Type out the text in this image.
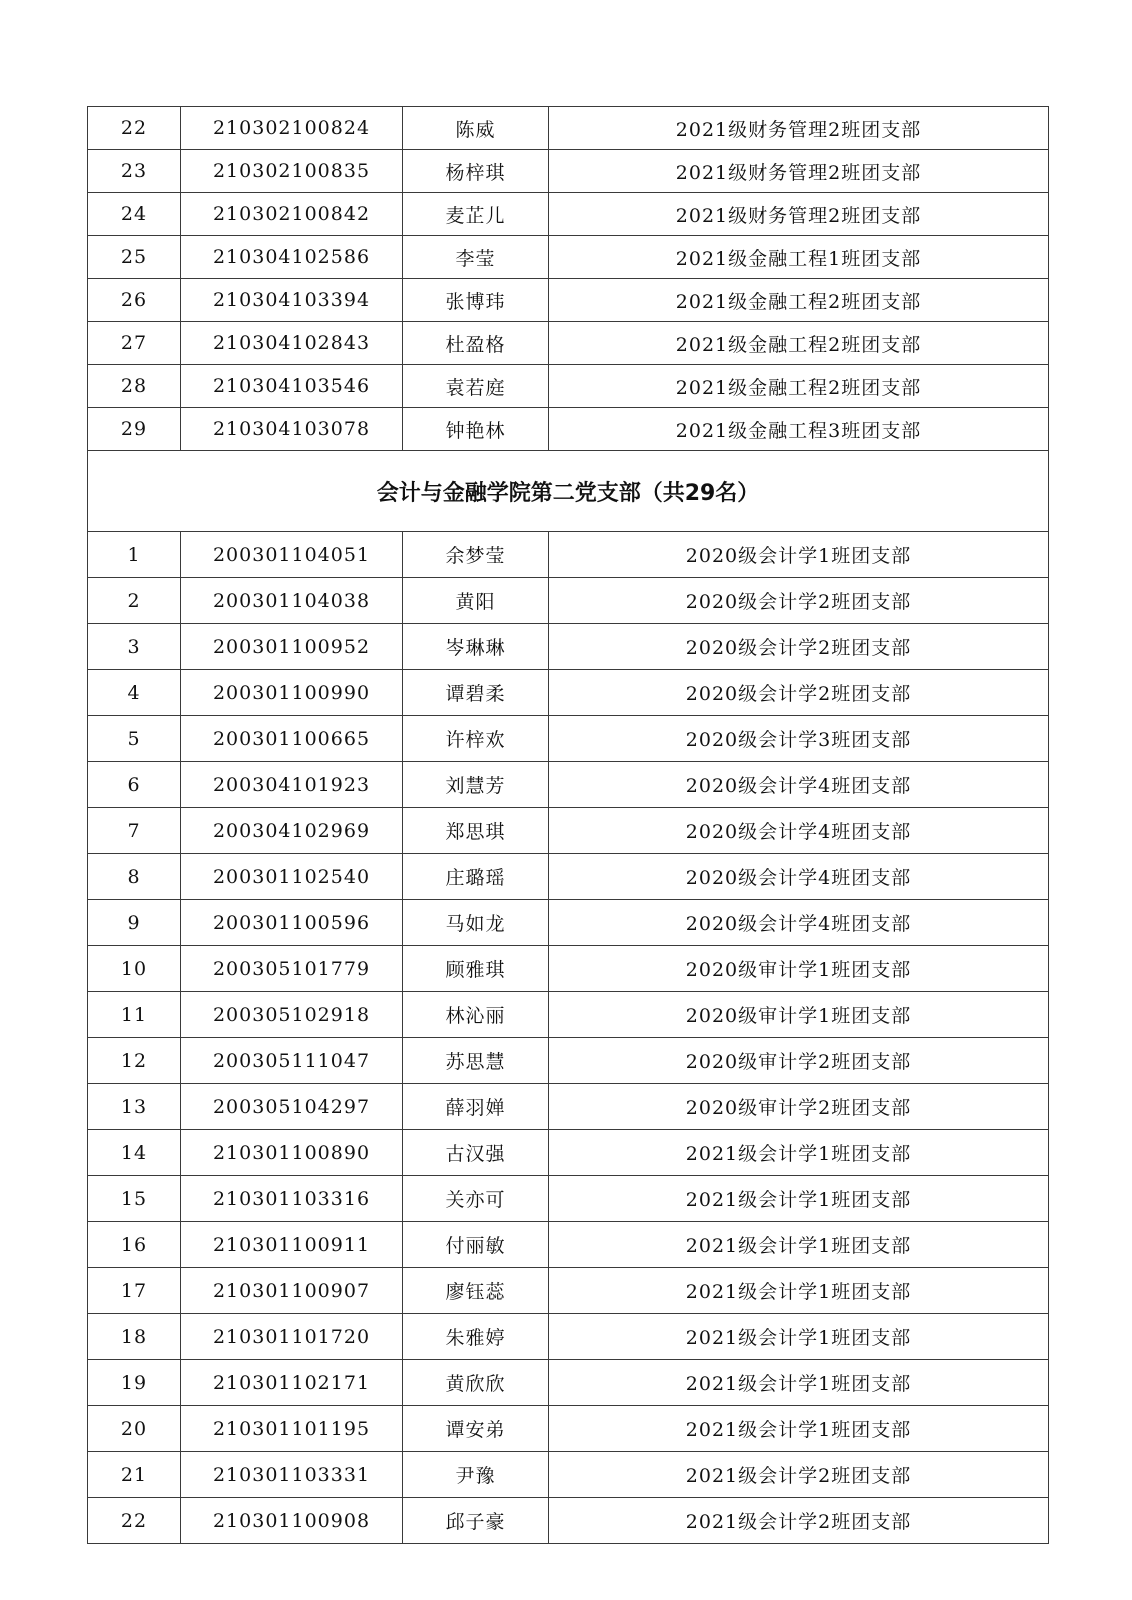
22	210302100824	陈威	2021级财务管理2班团支部
23	210302100835	杨梓琪	2021级财务管理2班团支部
24	210302100842	麦芷儿	2021级财务管理2班团支部
25	210304102586	李莹	2021级金融工程1班团支部
26	210304103394	张博玮	2021级金融工程2班团支部
27	210304102843	杜盈格	2021级金融工程2班团支部
28	210304103546	袁若庭	2021级金融工程2班团支部
29	210304103078	钟艳林	2021级金融工程3班团支部
会计与金融学院第二党支部（共29名）			
1	200301104051	余梦莹	2020级会计学1班团支部
2	200301104038	黄阳	2020级会计学2班团支部
3	200301100952	岑琳琳	2020级会计学2班团支部
4	200301100990	谭碧柔	2020级会计学2班团支部
5	200301100665	许梓欢	2020级会计学3班团支部
6	200304101923	刘慧芳	2020级会计学4班团支部
7	200304102969	郑思琪	2020级会计学4班团支部
8	200301102540	庄璐瑶	2020级会计学4班团支部
9	200301100596	马如龙	2020级会计学4班团支部
10	200305101779	顾雅琪	2020级审计学1班团支部
11	200305102918	林沁丽	2020级审计学1班团支部
12	200305111047	苏思慧	2020级审计学2班团支部
13	200305104297	薛羽婵	2020级审计学2班团支部
14	210301100890	古汉强	2021级会计学1班团支部
15	210301103316	关亦可	2021级会计学1班团支部
16	210301100911	付丽敏	2021级会计学1班团支部
17	210301100907	廖钰蕊	2021级会计学1班团支部
18	210301101720	朱雅婷	2021级会计学1班团支部
19	210301102171	黄欣欣	2021级会计学1班团支部
20	210301101195	谭安弟	2021级会计学1班团支部
21	210301103331	尹豫	2021级会计学2班团支部
22	210301100908	邱子豪	2021级会计学2班团支部
